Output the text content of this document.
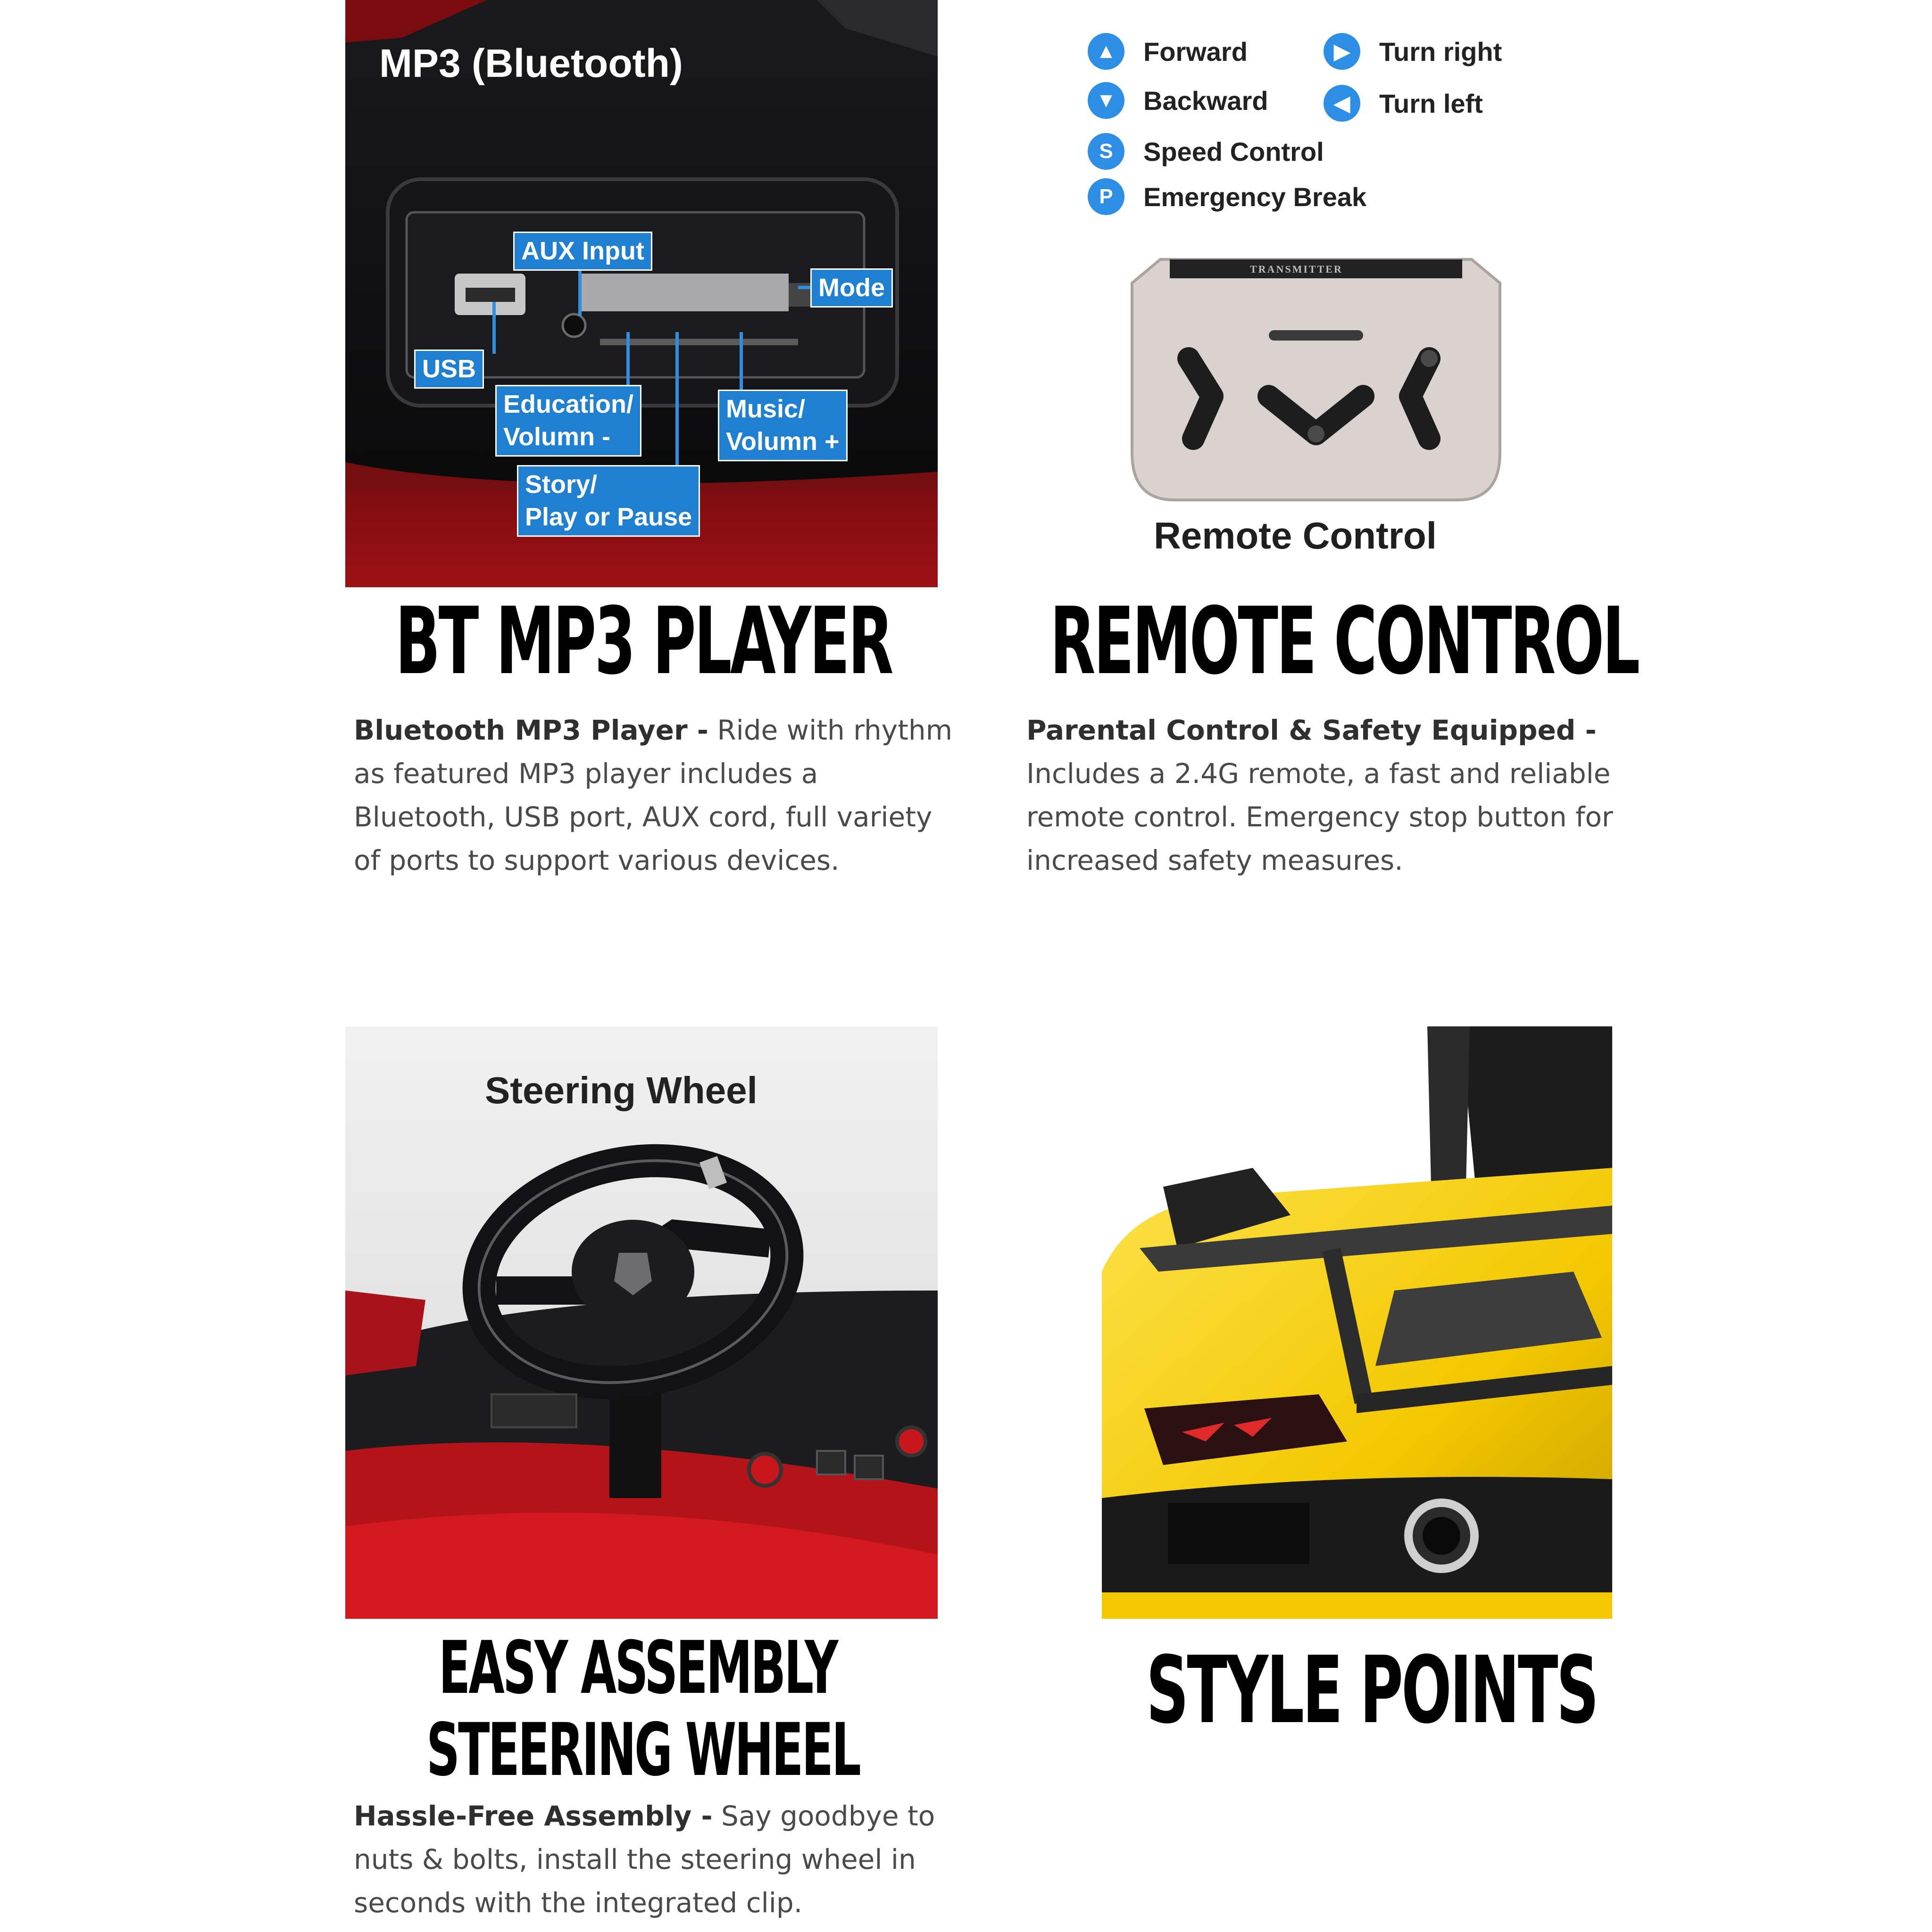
MP3 (Bluetooth)
AUX Input
Mode
USB
Education/
Volumn -
Music/
Volumn +
Story/
Play or Pause
▲	Forward
▼	Backward
S	Speed Control
P	Emergency Break
▶	Turn right
◀	Turn left
TRANSMITTER
Remote Control
BT MP3 PLAYER REMOTE CONTROL
Bluetooth MP3 Player - Ride with rhythm as featured MP3 player includes a Bluetooth, USB port, AUX cord, full variety of ports to support various devices.
Parental Control & Safety Equipped - Includes a 2.4G remote, a fast and reliable remote control. Emergency stop button for increased safety measures.
Steering Wheel
EASY ASSEMBLY
STEERING WHEEL
Hassle-Free Assembly - Say goodbye to nuts & bolts, install the steering wheel in seconds with the integrated clip.
STYLE POINTS
